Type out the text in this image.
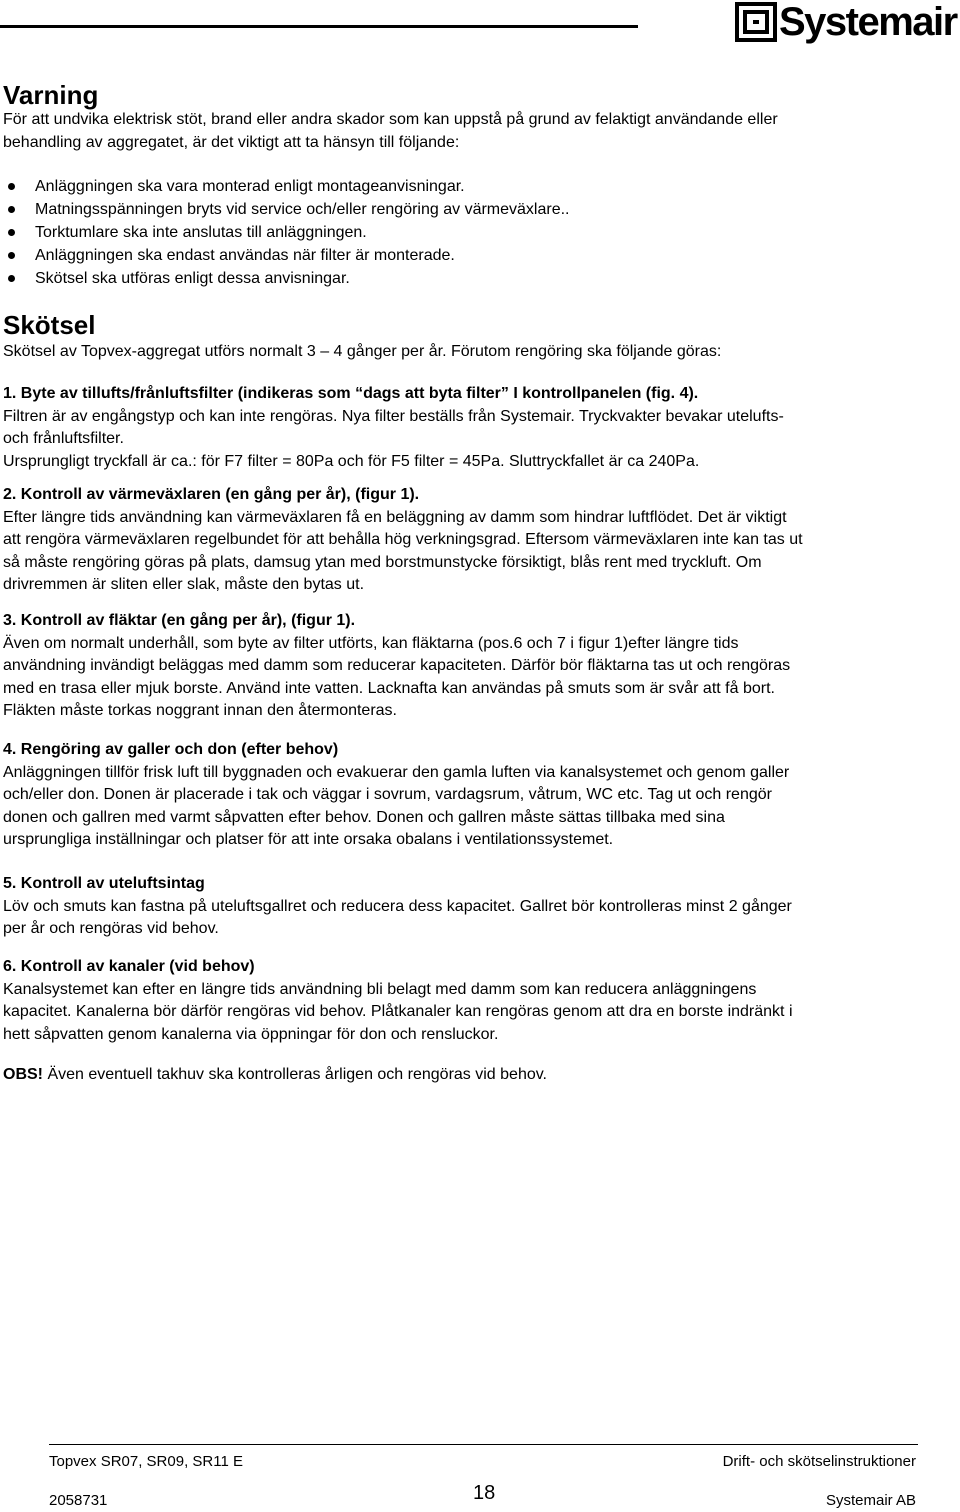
Systemair
Varning
För att undvika elektrisk stöt, brand eller andra skador som kan uppstå på grund av felaktigt användande eller
behandling av aggregatet, är det viktigt att ta hänsyn till följande:
Anläggningen ska vara monterad enligt montageanvisningar.
Matningsspänningen bryts vid service och/eller rengöring av värmeväxlare..
Torktumlare ska inte anslutas till anläggningen.
Anläggningen ska endast användas när filter är monterade.
Skötsel ska utföras enligt dessa anvisningar.
Skötsel
Skötsel av Topvex-aggregat utförs normalt 3 – 4 gånger per år. Förutom rengöring ska följande göras:
1. Byte av tillufts/frånluftsfilter (indikeras som “dags att byta filter” I kontrollpanelen (fig. 4).
Filtren är av engångstyp och kan inte rengöras. Nya filter beställs från Systemair. Tryckvakter bevakar utelufts-
och frånluftsfilter.
Ursprungligt tryckfall är ca.: för F7 filter = 80Pa och för F5 filter = 45Pa. Sluttryckfallet är ca 240Pa.
2. Kontroll av värmeväxlaren (en gång per år), (figur 1).
Efter längre tids användning kan värmeväxlaren få en beläggning av damm som hindrar luftflödet. Det är viktigt
att rengöra värmeväxlaren regelbundet för att behålla hög verkningsgrad. Eftersom värmeväxlaren inte kan tas ut
så måste rengöring göras på plats, damsug ytan med borstmunstycke försiktigt, blås rent med tryckluft. Om
drivremmen är sliten eller slak, måste den bytas ut.
3. Kontroll av fläktar (en gång per år), (figur 1).
Även om normalt underhåll, som byte av filter utförts, kan fläktarna (pos.6 och 7 i figur 1)efter längre tids
användning invändigt beläggas med damm som reducerar kapaciteten. Därför bör fläktarna tas ut och rengöras
med en trasa eller mjuk borste. Använd inte vatten. Lacknafta kan användas på smuts som är svår att få bort.
Fläkten måste torkas noggrant innan den återmonteras.
4. Rengöring av galler och don (efter behov)
Anläggningen tillför frisk luft till byggnaden och evakuerar den gamla luften via kanalsystemet och genom galler
och/eller don. Donen är placerade i tak och väggar i sovrum, vardagsrum, våtrum, WC etc. Tag ut och rengör
donen och gallren med varmt såpvatten efter behov. Donen och gallren måste sättas tillbaka med sina
ursprungliga inställningar och platser för att inte orsaka obalans i ventilationssystemet.
5. Kontroll av uteluftsintag
Löv och smuts kan fastna på uteluftsgallret och reducera dess kapacitet. Gallret bör kontrolleras minst 2 gånger
per år och rengöras vid behov.
6. Kontroll av kanaler (vid behov)
Kanalsystemet kan efter en längre tids användning bli belagt med damm som kan reducera anläggningens
kapacitet. Kanalerna bör därför rengöras vid behov. Plåtkanaler kan rengöras genom att dra en borste indränkt i
hett såpvatten genom kanalerna via öppningar för don och rensluckor.
OBS! Även eventuell takhuv ska kontrolleras årligen och rengöras vid behov.
Topvex SR07, SR09, SR11 E	Drift- och skötselinstruktioner
2058731	18	Systemair AB
